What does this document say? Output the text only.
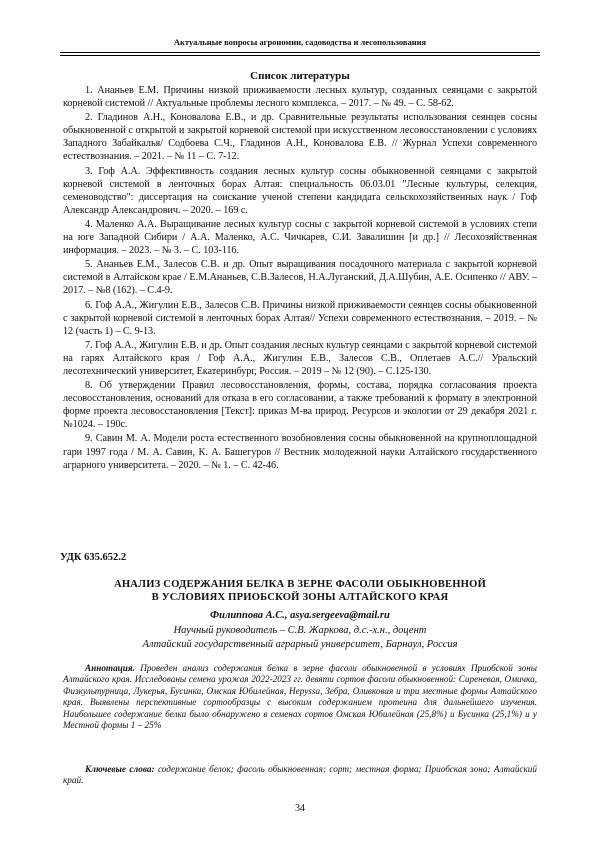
Актуальные вопросы агрономии, садоводства и лесопользования
Список литературы

1. Ананьев Е.М. Причины низкой приживаемости лесных культур, созданных сеянцами с закрытой корневой системой // Актуальные проблемы лесного комплекса. – 2017. – № 49. – С. 58-62.

2. Гладинов А.Н., Коновалова Е.В., и др. Сравнительные результаты использования сеянцев сосны обыкновенной с открытой и закрытой корневой системой при искусственном лесовосстановлении с условиях Западного Забайкалья/ Содбоева С.Ч., Гладинов А.Н., Коновалова Е.В. // Журнал Успехи современного естествознания. – 2021. – № 11 – С. 7-12.

3. Гоф А.А. Эффективность создания лесных культур сосны обыкновенной сеянцами с закрытой корневой системой в ленточных борах Алтая: специальность 06.03.01 "Лесные культуры, селекция, семеноводство": диссертация на соискание ученой степени кандидата сельскохозяйственных наук / Гоф Александр Александрович. – 2020. – 169 с.

4. Маленко А.А. Выращивание лесных культур сосны с закрытой корневой системой в условиях степи на юге Западной Сибири / А.А. Маленко, А.С. Чичкарев, С.И. Завалишин [и др.] // Лесохозяйственная информация. – 2023. – № 3. – С. 103-116.

5. Ананьев Е.М., Залесов С.В. и др. Опыт выращивания посадочного материала с закрытой корневой системой в Алтайском крае / Е.М.Ананьев, С.В.Залесов, Н.А.Луганский, Д.А.Шубин, А.Е. Осипенко // АВУ. – 2017. – №8 (162). – С.4-9.

6. Гоф А.А., Жигулин Е.В., Залесов С.В. Причины низкой приживаемости сеянцев сосны обыкновенной с закрытой корневой системой в ленточных борах Алтая// Успехи современного естествознания. – 2019. – № 12 (часть 1) – С. 9-13.

7. Гоф А.А., Жигулин Е.В. и др. Опыт создания лесных культур сеянцами с закрытой корневой системой на гарях Алтайского края / Гоф А.А., Жигулин Е.В., Залесов С.В., Оплетаев А.С.// Уральский лесотехнический университет, Екатеринбург, Россия. – 2019 – № 12 (90). – С.125-130.

8. Об утверждении Правил лесовосстановления, формы, состава, порядка согласования проекта лесовосстановления, оснований для отказа в его согласовании, а также требований к формату в электронной форме проекта лесовосстановления [Текст]: приказ М-ва природ. Ресурсов и экологии от 29 декабря 2021 г. №1024. – 190с.

9. Савин М. А. Модели роста естественного возобновления сосны обыкновенной на крупноплощадной гари 1997 года / М. А. Савин, К. А. Башегуров // Вестник молодежной науки Алтайского государственного аграрного университета. – 2020. – № 1. – С. 42-46.

УДК 635.652.2
АНАЛИЗ СОДЕРЖАНИЯ БЕЛКА В ЗЕРНЕ ФАСОЛИ ОБЫКНОВЕННОЙ
В УСЛОВИЯХ ПРИОБСКОЙ ЗОНЫ АЛТАЙСКОГО КРАЯ
Филиппова А.С., asya.sergeeva@mail.ru
Научный руководитель – С.В. Жаркова, д.с.-х.н., доцент
Алтайский государственный аграрный университет, Барнаул, Россия

Аннотация. Проведен анализ содержания белка в зерне фасоли обыкновенной в условиях Приобской зоны Алтайского края. Исследованы семена урожая 2022-2023 гг. девяти сортов фасоли обыкновенной: Сиреневая, Омичка, Физкультурница, Лукерья, Бусинка, Омская Юбилейная, Неруssa, Зебра, Оливковая и три местные формы Алтайского края. Выявлены перспективные сортообразцы с высоким содержанием протеина для дальнейшего изучения. Наибольшее содержание белка было обнаружено в семенах сортов Омская Юбилейная (25,8%) и Бусинка (25,1%) и у Местной формы 1 – 25%

Ключевые слова: содержание белок; фасоль обыкновенная; сорт; местная форма; Приобская зона; Алтайский край.

34
